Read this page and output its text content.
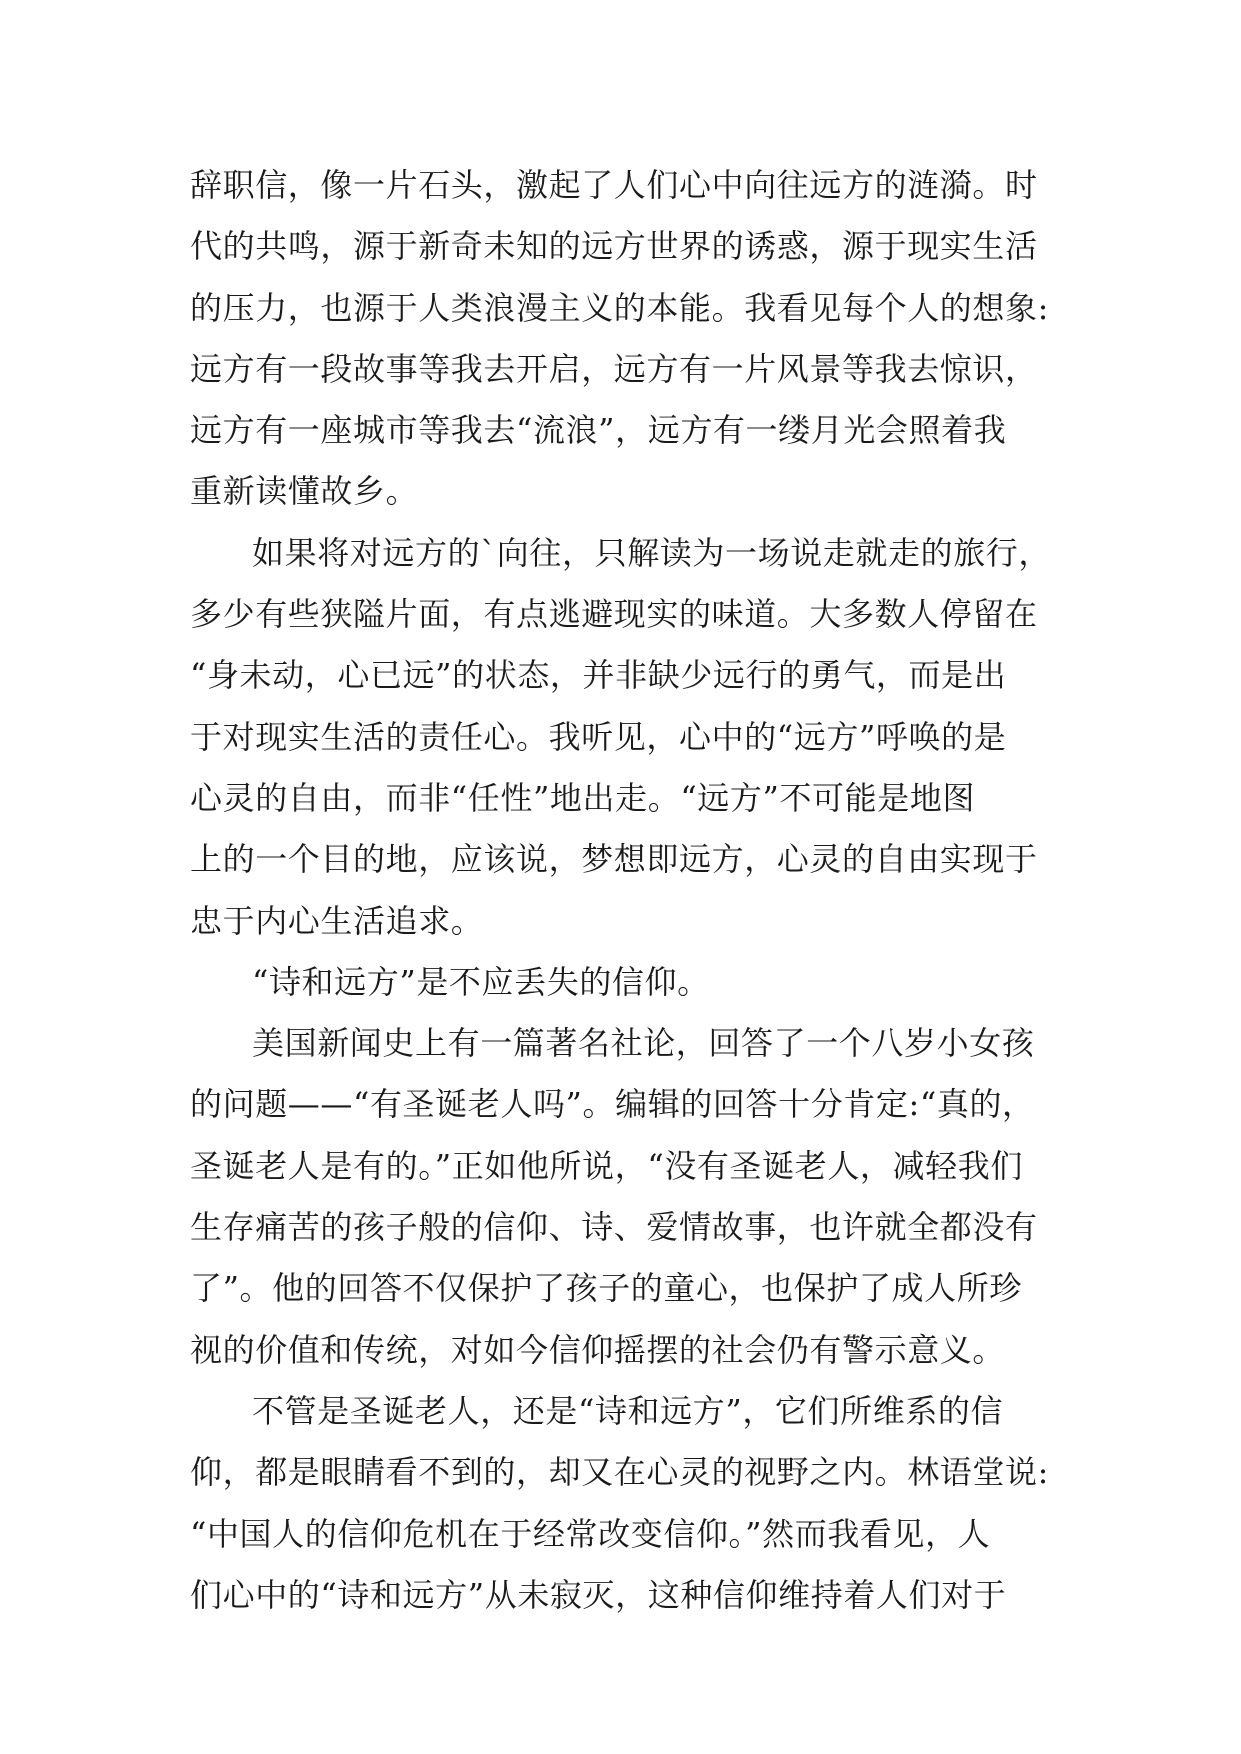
辞职信，像一片石头，激起了人们心中向往远方的涟漪。时
代的共鸣，源于新奇未知的远方世界的诱惑，源于现实生活
的压力，也源于人类浪漫主义的本能。我看见每个人的想象:
远方有一段故事等我去开启，远方有一片风景等我去惊识，
远方有一座城市等我去“流浪”，远方有一缕月光会照着我
重新读懂故乡。
如果将对远方的`向往，只解读为一场说走就走的旅行，
多少有些狭隘片面，有点逃避现实的味道。大多数人停留在
“身未动，心已远”的状态，并非缺少远行的勇气，而是出
于对现实生活的责任心。我听见，心中的“远方”呼唤的是
心灵的自由，而非“任性”地出走。“远方”不可能是地图
上的一个目的地，应该说，梦想即远方，心灵的自由实现于
忠于内心生活追求。
“诗和远方”是不应丢失的信仰。
美国新闻史上有一篇著名社论，回答了一个八岁小女孩
的问题——“有圣诞老人吗”。编辑的回答十分肯定:“真的，
圣诞老人是有的。”正如他所说，“没有圣诞老人，减轻我们
生存痛苦的孩子般的信仰、诗、爱情故事，也许就全都没有
了”。他的回答不仅保护了孩子的童心，也保护了成人所珍
视的价值和传统，对如今信仰摇摆的社会仍有警示意义。
不管是圣诞老人，还是“诗和远方”，它们所维系的信
仰，都是眼睛看不到的，却又在心灵的视野之内。林语堂说:
“中国人的信仰危机在于经常改变信仰。”然而我看见，人
们心中的“诗和远方”从未寂灭，这种信仰维持着人们对于
